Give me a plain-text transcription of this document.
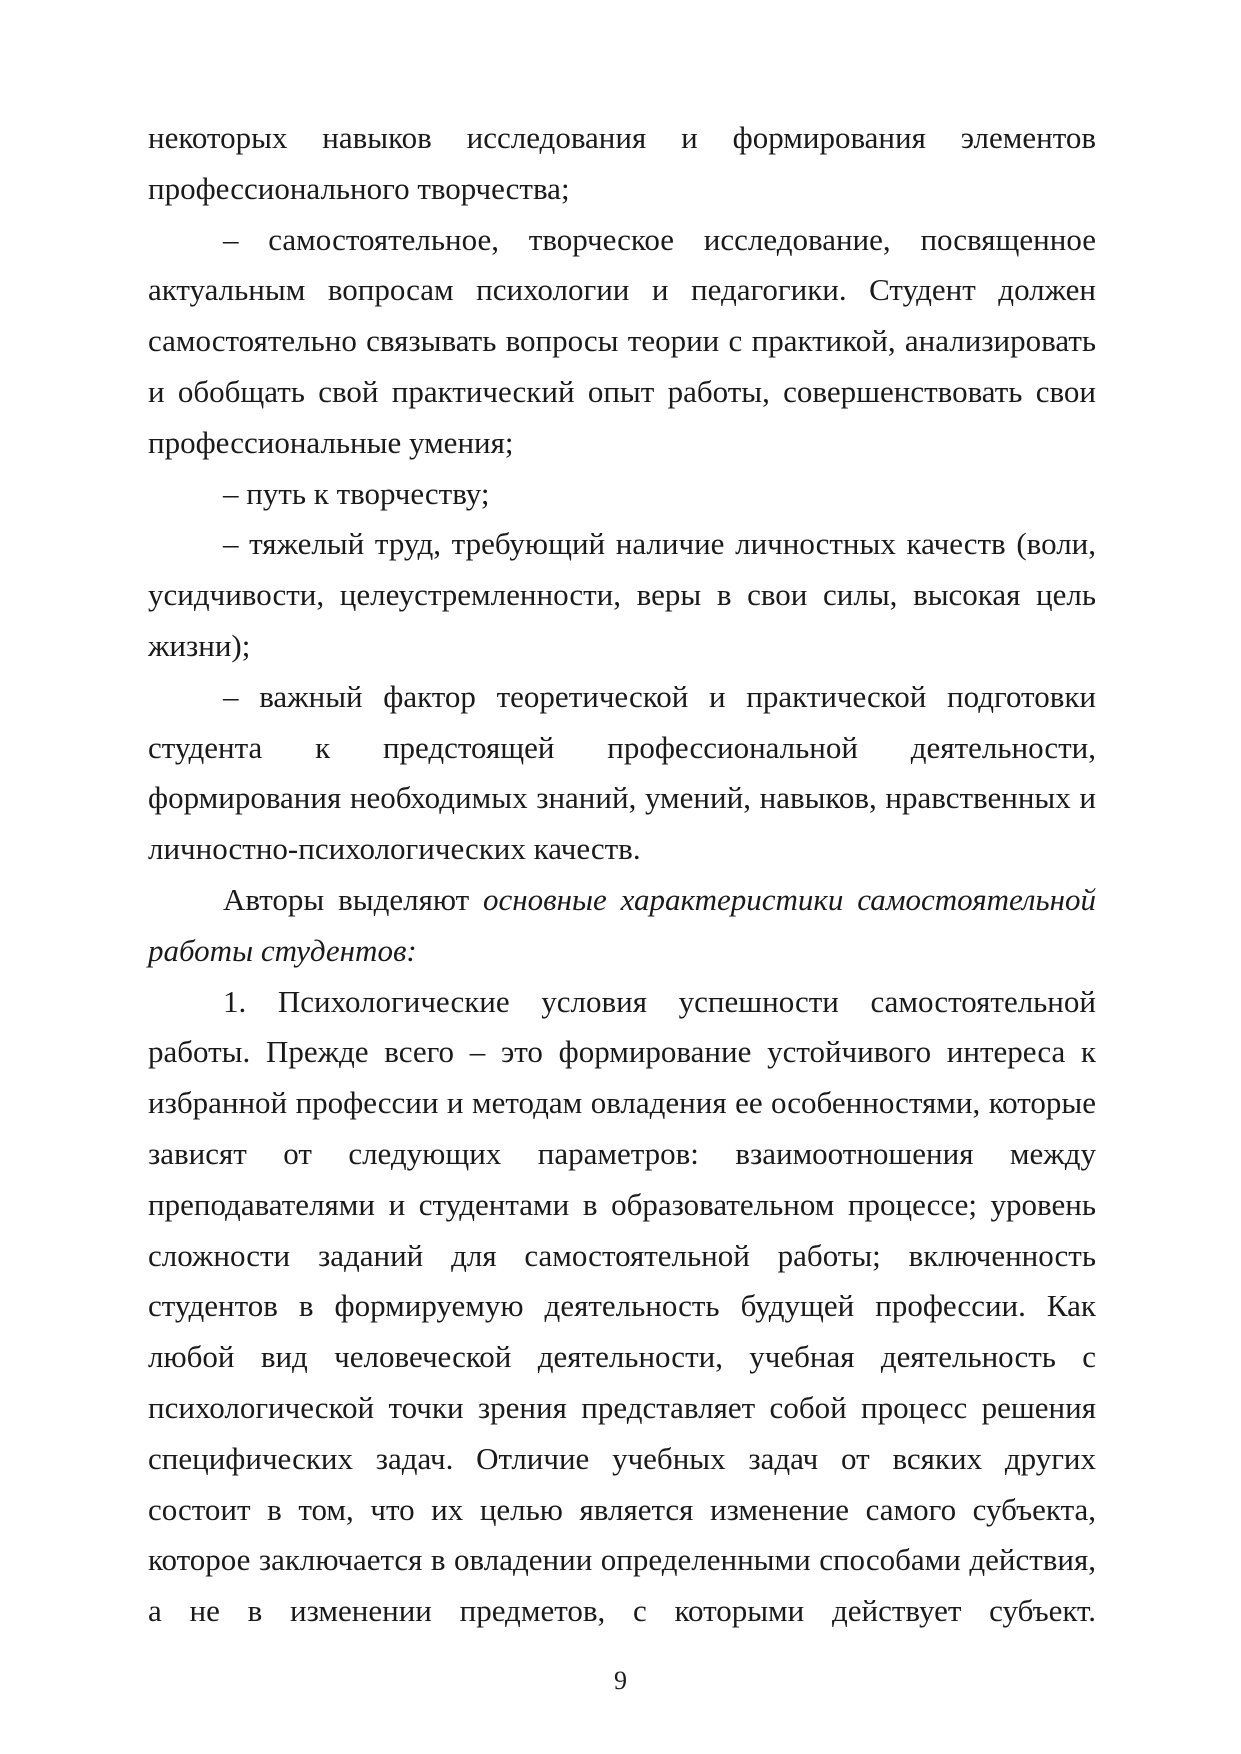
некоторых навыков исследования и формирования элементов профессионального творчества;

– самостоятельное, творческое исследование, посвященное актуальным вопросам психологии и педагогики. Студент должен самостоятельно связывать вопросы теории с практикой, анализировать и обобщать свой практический опыт работы, совершенствовать свои профессиональные умения;

– путь к творчеству;

– тяжелый труд, требующий наличие личностных качеств (воли, усидчивости, целеустремленности, веры в свои силы, высокая цель жизни);

– важный фактор теоретической и практической подготовки студента к предстоящей профессиональной деятельности, формирования необходимых знаний, умений, навыков, нравственных и личностно-психологических качеств.

Авторы выделяют основные характеристики самостоятельной работы студентов:

1. Психологические условия успешности самостоятельной работы. Прежде всего – это формирование устойчивого интереса к избранной профессии и методам овладения ее особенностями, которые зависят от следующих параметров: взаимоотношения между преподавателями и студентами в образовательном процессе; уровень сложности заданий для самостоятельной работы; включенность студентов в формируемую деятельность будущей профессии. Как любой вид человеческой деятельности, учебная деятельность с психологической точки зрения представляет собой процесс решения специфических задач. Отличие учебных задач от всяких других состоит в том, что их целью является изменение самого субъекта, которое заключается в овладении определенными способами действия, а не в изменении предметов, с которыми действует субъект.

9
